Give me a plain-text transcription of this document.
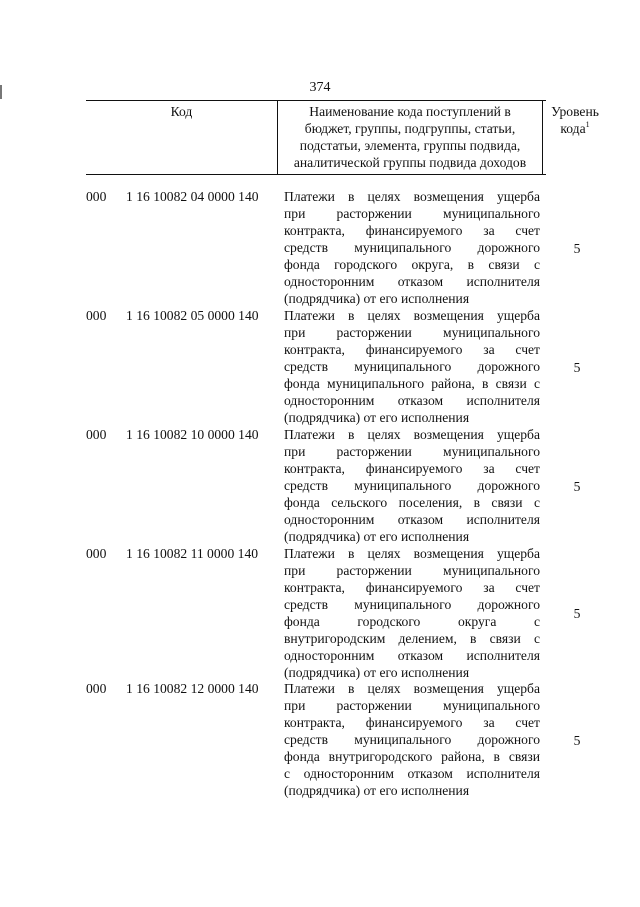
374
Код	Наименование кода поступлений в
бюджет, группы, подгруппы, статьи,
подстатьи, элемента, группы подвида,
аналитической группы подвида доходов
Уровень
кода$^1$
000	1 16 10082 04 0000 140	Платежи в целях возмещения ущерба
при расторжении муниципального
контракта, финансируемого за счет
средств муниципального дорожного
фонда городского округа, в связи с
односторонним отказом исполнителя
(подрядчика) от его исполнения
5
000	1 16 10082 05 0000 140	Платежи в целях возмещения ущерба
при расторжении муниципального
контракта, финансируемого за счет
средств муниципального дорожного
фонда муниципального района, в связи с
односторонним отказом исполнителя
(подрядчика) от его исполнения
5
000	1 16 10082 10 0000 140	Платежи в целях возмещения ущерба
при расторжении муниципального
контракта, финансируемого за счет
средств муниципального дорожного
фонда сельского поселения, в связи с
односторонним отказом исполнителя
(подрядчика) от его исполнения
5
000	1 16 10082 11 0000 140	Платежи в целях возмещения ущерба
при расторжении муниципального
контракта, финансируемого за счет
средств муниципального дорожного
фонда городского округа с
внутригородским делением, в связи с
односторонним отказом исполнителя
(подрядчика) от его исполнения
5
000	1 16 10082 12 0000 140	Платежи в целях возмещения ущерба
при расторжении муниципального
контракта, финансируемого за счет
средств муниципального дорожного
фонда внутригородского района, в связи
с односторонним отказом исполнителя
(подрядчика) от его исполнения
5
